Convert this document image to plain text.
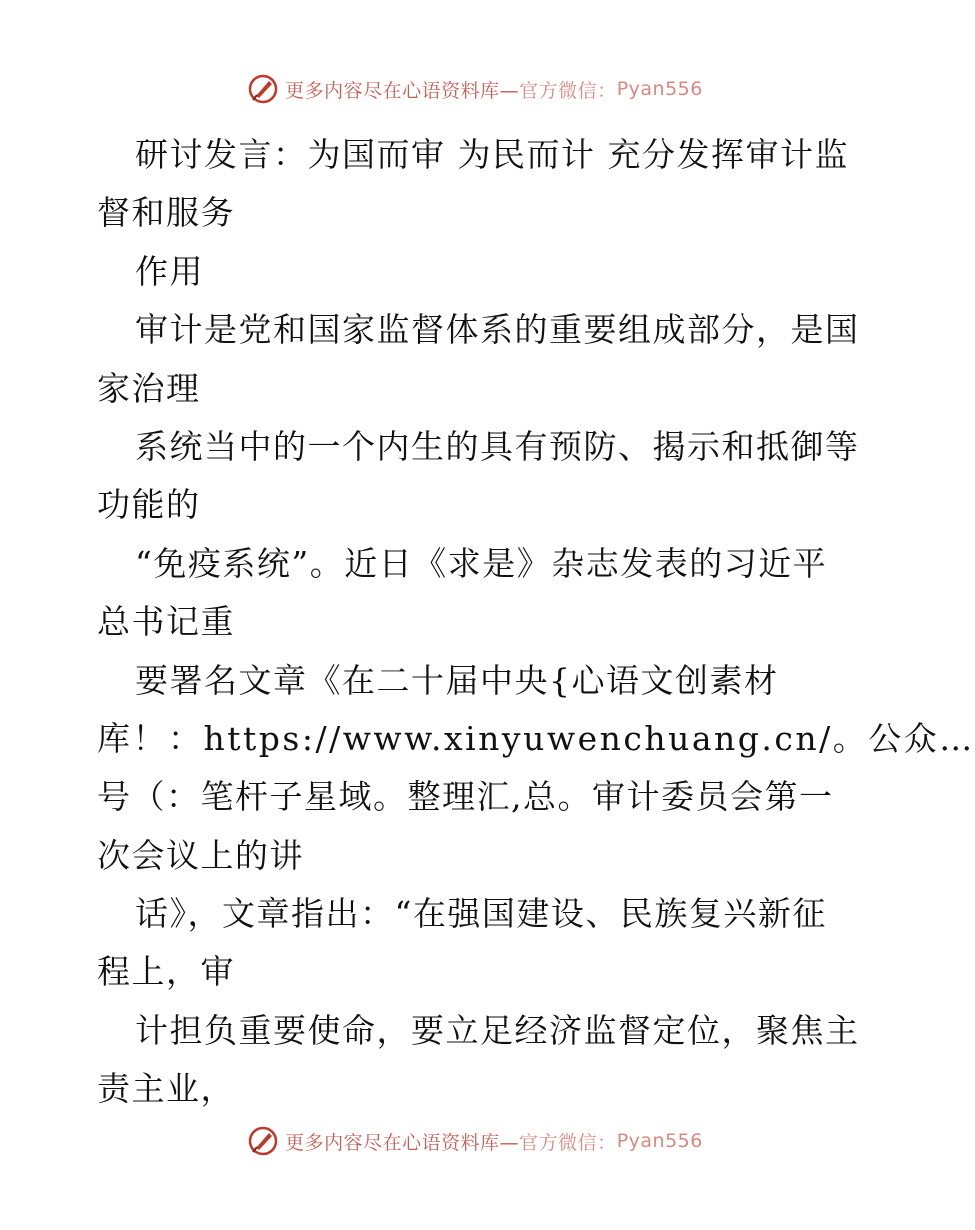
更多内容尽在心语资料库— 官方微信： Pyan556
研讨发言：为国而审 为民而计 充分发挥审计监
督和服务
作用
审计是党和国家监督体系的重要组成部分，是国
家治理
系统当中的一个内生的具有预防、揭示和抵御等
功能的
“免疫系统”。近日《求是》杂志发表的习近平
总书记重
要署名文章《在二十届中央{心语文创素材
库！：https://www.xinyuwenchuang.cn/。公众…
号（：笔杆子星域。整理汇,总。审计委员会第一
次会议上的讲
话》，文章指出：“在强国建设、民族复兴新征
程上，审
计担负重要使命，要立足经济监督定位，聚焦主
责主业，
更多内容尽在心语资料库— 官方微信： Pyan556
